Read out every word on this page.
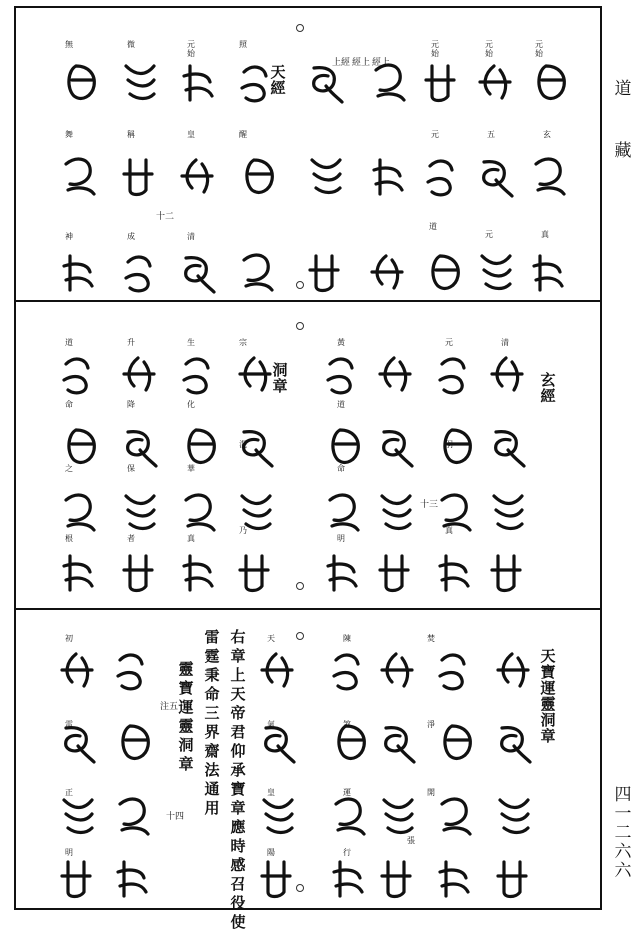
道
藏
四一二六六
天經
玄經
洞章
天寶運靈洞章
右章上天帝君仰承寶章應時感召役使
雷霆秉命三界齋法通用
靈寶運靈洞章
經上
經上
上經
十二
十三
十四
注五
元始
玄
真
元始
五
元
元始
元
道
元始
皇
清
照
醒
微
稱
成
無
舞
神
清
元
羽
真
黃
道
命
明
宗
混
乃
生
化
華
真
升
降
保
者
道
命
之
根
焚
淨
開
張
陳
煞
運
行
天
氣
皇
陽
初
雷
正
明
